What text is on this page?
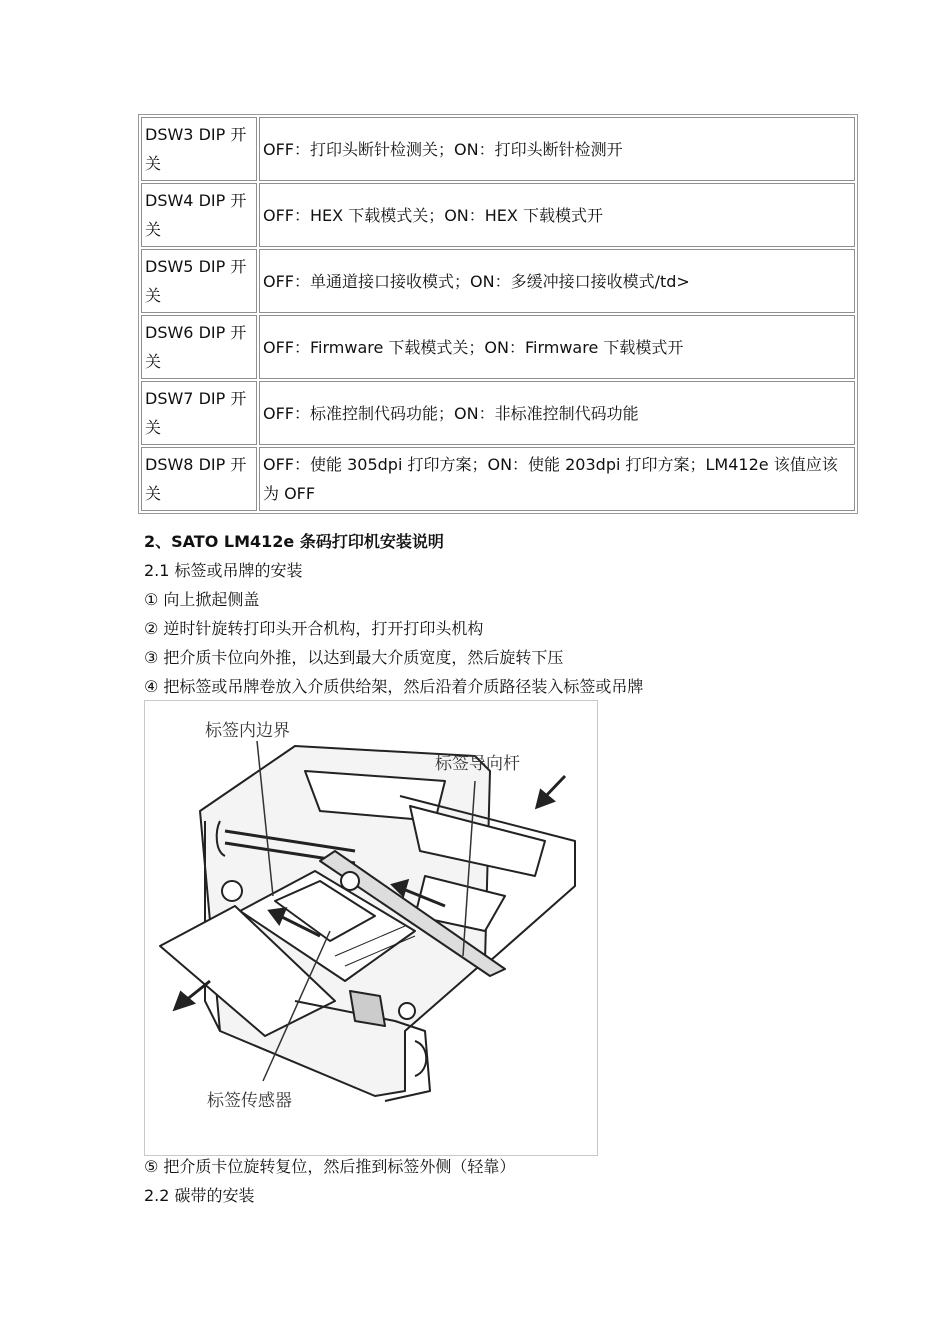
DSW3 DIP 开关	OFF：打印头断针检测关；ON：打印头断针检测开
DSW4 DIP 开关	OFF：HEX 下载模式关；ON：HEX 下载模式开
DSW5 DIP 开关	OFF：单通道接口接收模式；ON：多缓冲接口接收模式/td>
DSW6 DIP 开关	OFF：Firmware 下载模式关；ON：Firmware 下载模式开
DSW7 DIP 开关	OFF：标准控制代码功能；ON：非标准控制代码功能
DSW8 DIP 开关	OFF：使能 305dpi 打印方案；ON：使能 203dpi 打印方案；LM412e 该值应该为 OFF
2、SATO LM412e 条码打印机安装说明
2.1 标签或吊牌的安装
① 向上掀起侧盖
② 逆时针旋转打印头开合机构，打开打印头机构
③ 把介质卡位向外推，以达到最大介质宽度，然后旋转下压
④ 把标签或吊牌卷放入介质供给架，然后沿着介质路径装入标签或吊牌
标签内边界
标签导向杆
标签传感器
⑤ 把介质卡位旋转复位，然后推到标签外侧（轻靠）
2.2 碳带的安装
